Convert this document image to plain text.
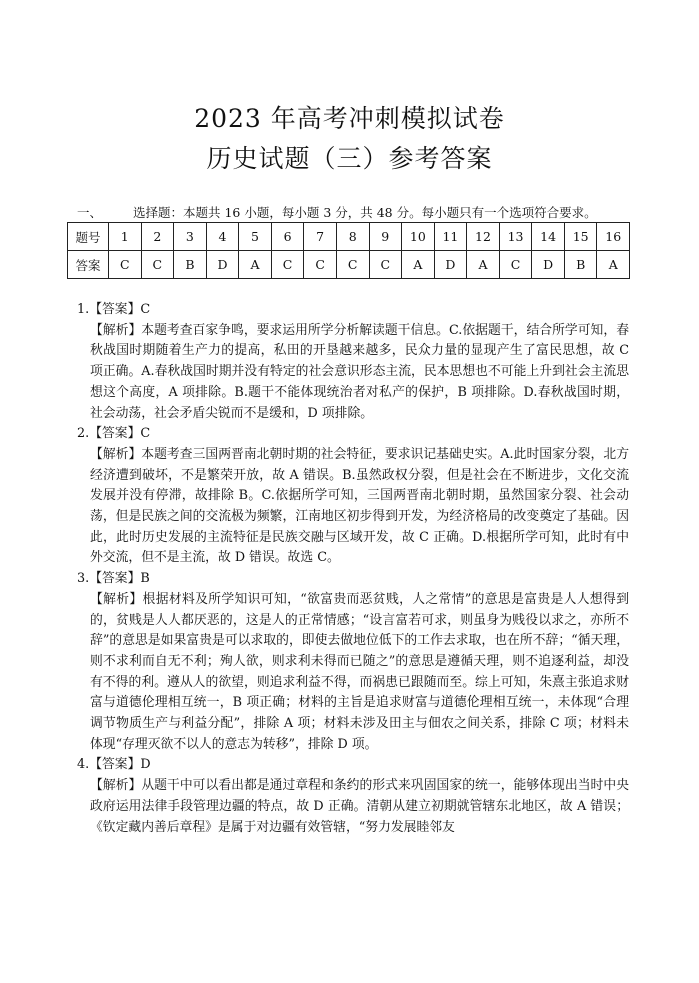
2023 年高考冲刺模拟试卷
历史试题（三）参考答案
一、 选择题：本题共 16 小题，每小题 3 分，共 48 分。每小题只有一个选项符合要求。
题号	1	2	3	4	5	6	7	8	9	10	11	12	13	14	15	16
答案	C	C	B	D	A	C	C	C	C	A	D	A	C	D	B	A

1.【答案】C

【解析】本题考查百家争鸣，要求运用所学分析解读题干信息。C.依据题干，结合所学可知，春秋战国时期随着生产力的提高，私田的开垦越来越多，民众力量的显现产生了富民思想，故 C 项正确。A.春秋战国时期并没有特定的社会意识形态主流，民本思想也不可能上升到社会主流思想这个高度，A 项排除。B.题干不能体现统治者对私产的保护，B 项排除。D.春秋战国时期，社会动荡，社会矛盾尖锐而不是缓和，D 项排除。

2.【答案】C

【解析】本题考查三国两晋南北朝时期的社会特征，要求识记基础史实。A.此时国家分裂，北方经济遭到破坏，不是繁荣开放，故 A 错误。B.虽然政权分裂，但是社会在不断进步，文化交流发展并没有停滞，故排除 B。C.依据所学可知，三国两晋南北朝时期，虽然国家分裂、社会动荡，但是民族之间的交流极为频繁，江南地区初步得到开发，为经济格局的改变奠定了基础。因此，此时历史发展的主流特征是民族交融与区域开发，故 C 正确。D.根据所学可知，此时有中外交流，但不是主流，故 D 错误。故选 C。

3.【答案】B

【解析】根据材料及所学知识可知，“欲富贵而恶贫贱，人之常情”的意思是富贵是人人想得到的，贫贱是人人都厌恶的，这是人的正常情感；“设言富若可求，则虽身为贱役以求之，亦所不辞”的意思是如果富贵是可以求取的，即使去做地位低下的工作去求取，也在所不辞；“循天理，则不求利而自无不利；殉人欲，则求利未得而已随之”的意思是遵循天理，则不追逐利益，却没有不得的利。遵从人的欲望，则追求利益不得，而祸患已跟随而至。综上可知，朱熹主张追求财富与道德伦理相互统一，B 项正确；材料的主旨是追求财富与道德伦理相互统一，未体现“合理调节物质生产与利益分配”，排除 A 项；材料未涉及田主与佃农之间关系，排除 C 项；材料未体现“存理灭欲不以人的意志为转移”，排除 D 项。

4.【答案】D

【解析】从题干中可以看出都是通过章程和条约的形式来巩固国家的统一，能够体现出当时中央政府运用法律手段管理边疆的特点，故 D 正确。清朝从建立初期就管辖东北地区，故 A 错误；《钦定藏内善后章程》是属于对边疆有效管辖，“努力发展睦邻友
